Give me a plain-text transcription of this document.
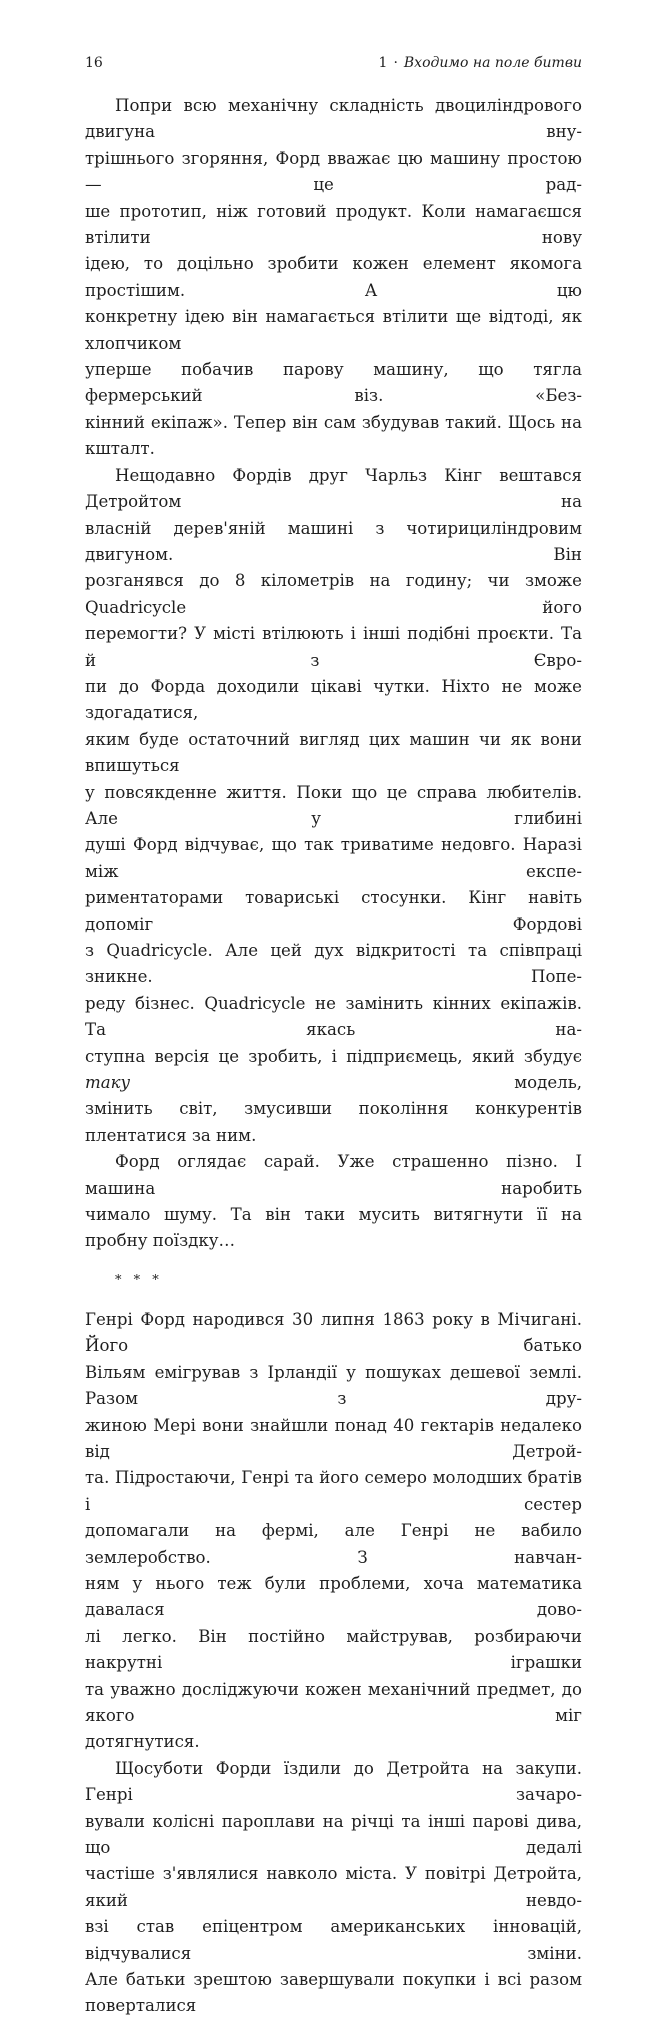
16	1 · Входимо на поле битви

Попри всю механічну складність двоциліндрового двигуна вну-
трішнього згоряння, Форд вважає цю машину простою — це рад-
ше прототип, ніж готовий продукт. Коли намагаєшся втілити нову
ідею, то доцільно зробити кожен елемент якомога простішим. А цю
конкретну ідею він намагається втілити ще відтоді, як хлопчиком
уперше побачив парову машину, що тягла фермерський віз. «Без-
кінний екіпаж». Тепер він сам збудував такий. Щось на кшталт.

Нещодавно Фордів друг Чарльз Кінг вештався Детройтом на
власній дерев'яній машині з чотирициліндровим двигуном. Він
розганявся до 8 кілометрів на годину; чи зможе Quadricycle його
перемогти? У місті втілюють і інші подібні проєкти. Та й з Євро-
пи до Форда доходили цікаві чутки. Ніхто не може здогадатися,
яким буде остаточний вигляд цих машин чи як вони впишуться
у повсякденне життя. Поки що це справа любителів. Але у глибині
душі Форд відчуває, що так триватиме недовго. Наразі між експе-
риментаторами товариські стосунки. Кінг навіть допоміг Фордові
з Quadricycle. Але цей дух відкритості та співпраці зникне. Попе-
реду бізнес. Quadricycle не замінить кінних екіпажів. Та якась на-
ступна версія це зробить, і підприємець, який збудує таку модель,
змінить світ, змусивши покоління конкурентів плентатися за ним.

Форд оглядає сарай. Уже страшенно пізно. І машина наробить
чимало шуму. Та він таки мусить витягнути її на пробну поїздку…

* * *

Генрі Форд народився 30 липня 1863 року в Мічигані. Його батько
Вільям емігрував з Ірландії у пошуках дешевої землі. Разом з дру-
жиною Мері вони знайшли понад 40 гектарів недалеко від Детрой-
та. Підростаючи, Генрі та його семеро молодших братів і сестер
допомагали на фермі, але Генрі не вабило землеробство. З навчан-
ням у нього теж були проблеми, хоча математика давалася дово-
лі легко. Він постійно майстрував, розбираючи накрутні іграшки
та уважно досліджуючи кожен механічний предмет, до якого міг
дотягнутися.

Щосуботи Форди їздили до Детройта на закупи. Генрі зачаро-
вували колісні пароплави на річці та інші парові дива, що дедалі
частіше з'являлися навколо міста. У повітрі Детройта, який невдо-
взі став епіцентром американських інновацій, відчувалися зміни.
Але батьки зрештою завершували покупки і всі разом поверталися
